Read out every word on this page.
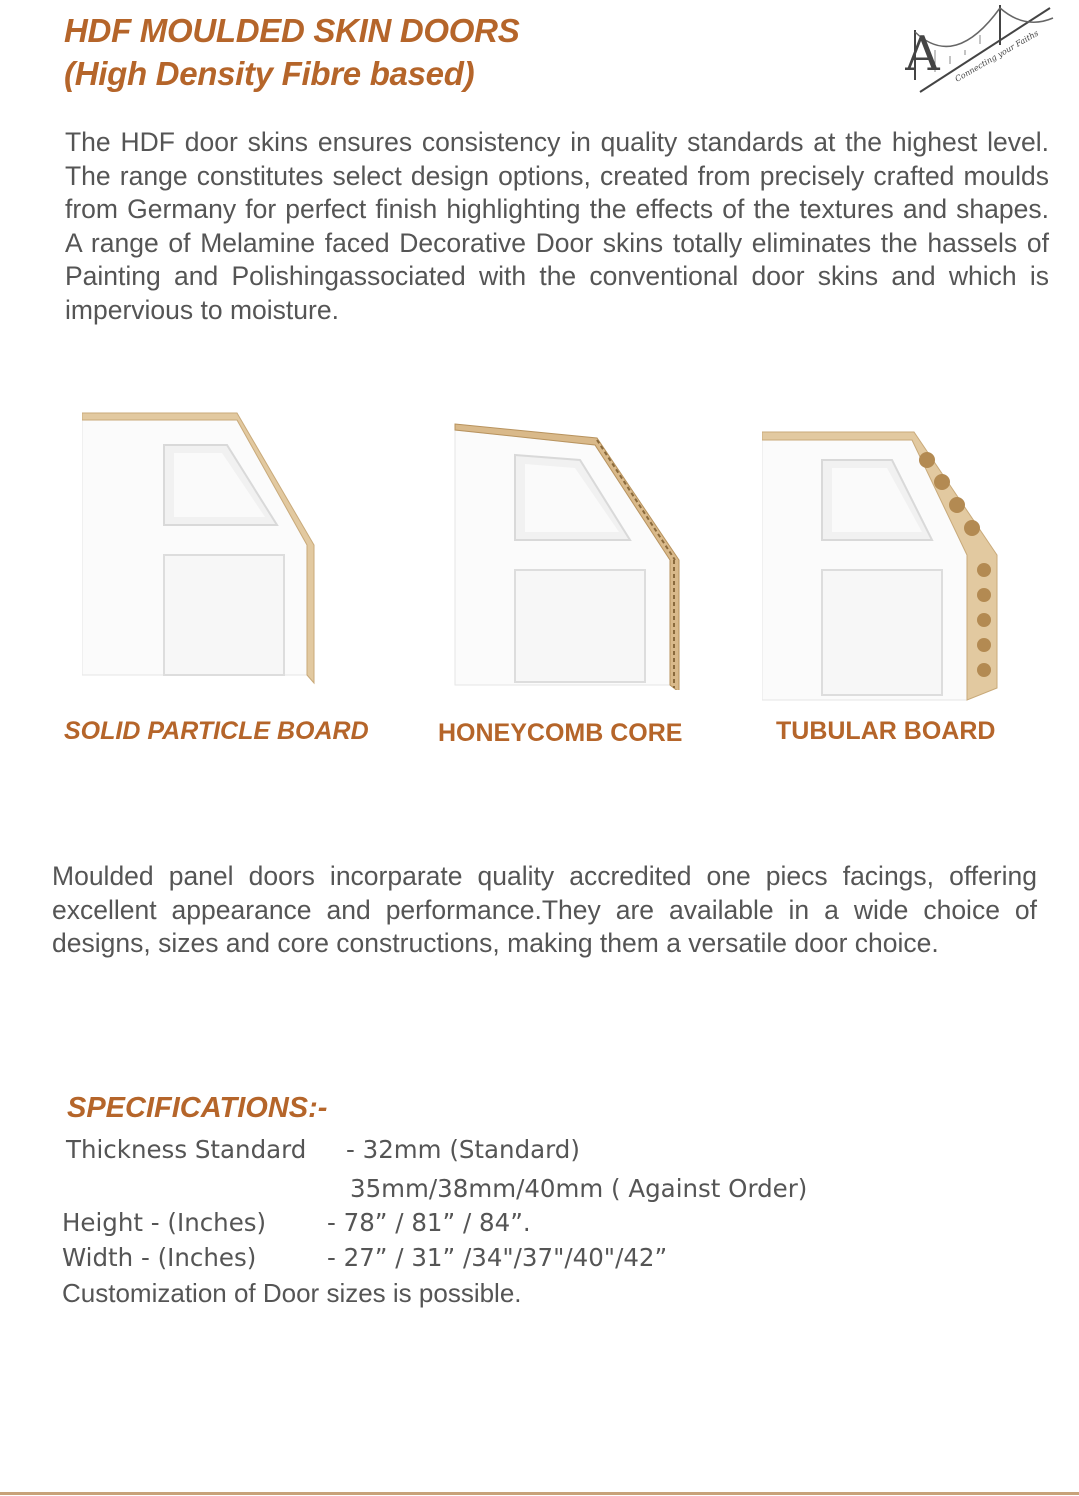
HDF MOULDED SKIN DOORS
(High Density Fibre based)	A Connecting your Faiths
The HDF door skins ensures consistency in quality standards at the highest level. The range constitutes select design options, created from precisely crafted moulds from Germany for perfect finish highlighting the effects of the textures and shapes. A range of Melamine faced Decorative Door skins totally eliminates the hassels of Painting and Polishingassociated with the conventional door skins and which is impervious to moisture.
SOLID PARTICLE BOARD	HONEYCOMB CORE	TUBULAR BOARD
Moulded panel doors incorparate quality accredited one piecs facings, offering excellent appearance and performance.They are available in a wide choice of designs, sizes and core constructions, making them a versatile door choice.
SPECIFICATIONS:-
Thickness Standard - 32mm (Standard)
35mm/38mm/40mm ( Against Order)
Height - (Inches) - 78” / 81” / 84”.
Width - (Inches)	- 27” / 31” /34"/37"/40"/42”
Customization of Door sizes is possible.
